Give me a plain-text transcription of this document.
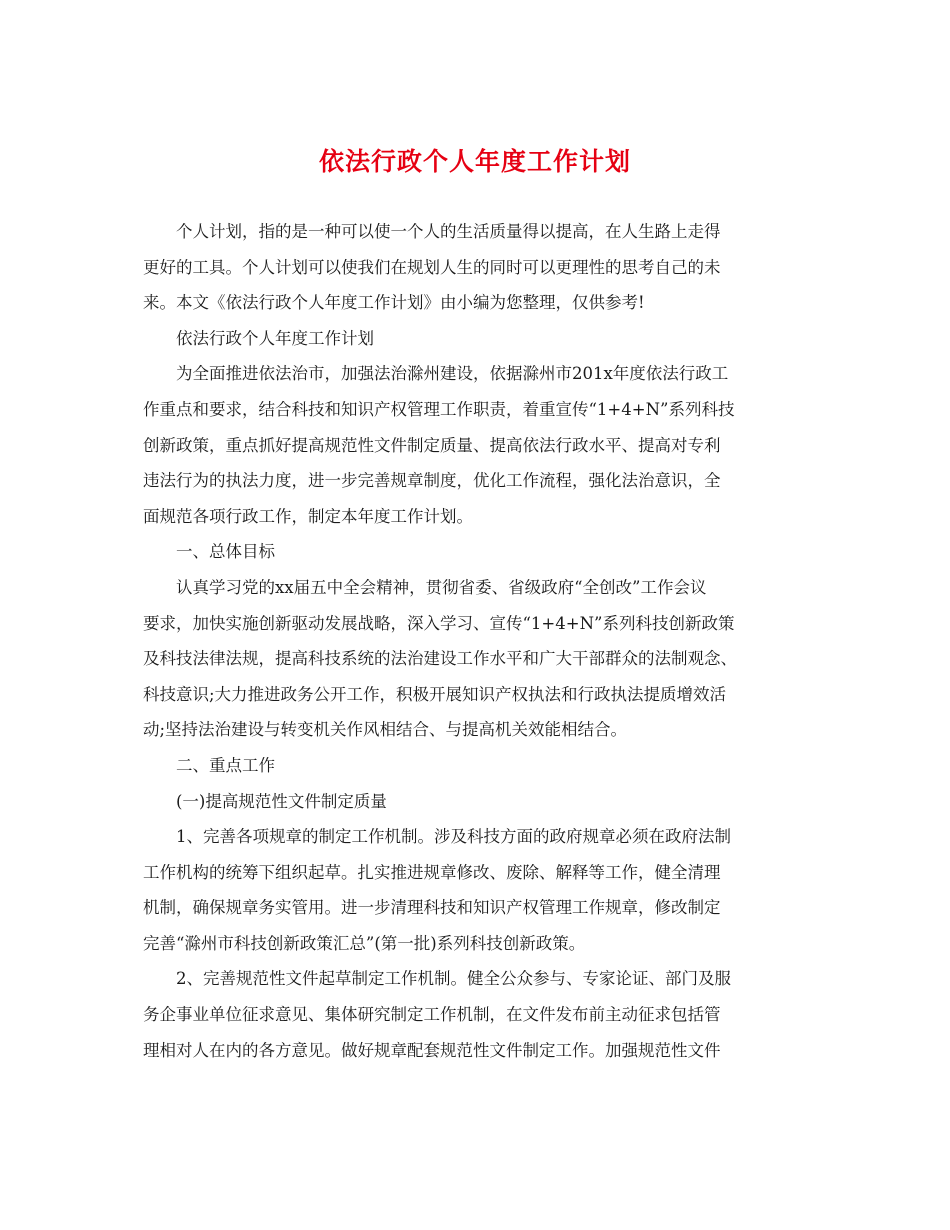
依法行政个人年度工作计划
个人计划，指的是一种可以使一个人的生活质量得以提高，在人生路上走得
更好的工具。个人计划可以使我们在规划人生的同时可以更理性的思考自己的未
来。本文《依法行政个人年度工作计划》由小编为您整理，仅供参考!
依法行政个人年度工作计划
为全面推进依法治市，加强法治滁州建设，依据滁州市201x年度依法行政工
作重点和要求，结合科技和知识产权管理工作职责，着重宣传“1+4+N”系列科技
创新政策，重点抓好提高规范性文件制定质量、提高依法行政水平、提高对专利
违法行为的执法力度，进一步完善规章制度，优化工作流程，强化法治意识，全
面规范各项行政工作，制定本年度工作计划。
一、总体目标
认真学习党的xx届五中全会精神，贯彻省委、省级政府“全创改”工作会议
要求，加快实施创新驱动发展战略，深入学习、宣传“1+4+N”系列科技创新政策
及科技法律法规，提高科技系统的法治建设工作水平和广大干部群众的法制观念、
科技意识;大力推进政务公开工作，积极开展知识产权执法和行政执法提质增效活
动;坚持法治建设与转变机关作风相结合、与提高机关效能相结合。
二、重点工作
(一)提高规范性文件制定质量
1、完善各项规章的制定工作机制。涉及科技方面的政府规章必须在政府法制
工作机构的统筹下组织起草。扎实推进规章修改、废除、解释等工作，健全清理
机制，确保规章务实管用。进一步清理科技和知识产权管理工作规章，修改制定
完善“滁州市科技创新政策汇总”(第一批)系列科技创新政策。
2、完善规范性文件起草制定工作机制。健全公众参与、专家论证、部门及服
务企事业单位征求意见、集体研究制定工作机制，在文件发布前主动征求包括管
理相对人在内的各方意见。做好规章配套规范性文件制定工作。加强规范性文件
